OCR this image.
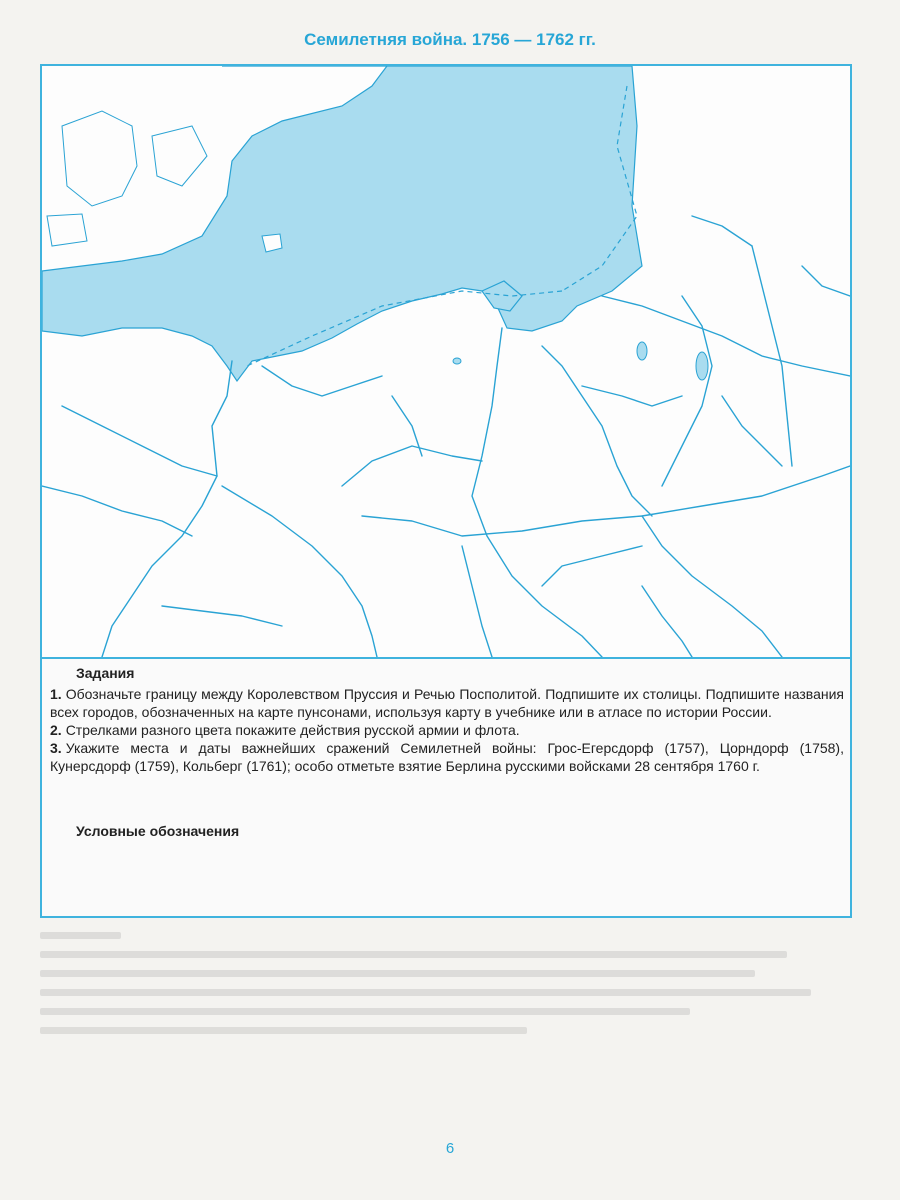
Семилетняя война. 1756 — 1762 гг.
Задания

1. Обозначьте границу между Королевством Пруссия и Речью Посполитой. Подпишите их столицы. Подпишите названия всех городов, обозначенных на карте пунсонами, используя карту в учебнике или в атласе по истории России.

2. Стрелками разного цвета покажите действия русской армии и флота.

3. Укажите места и даты важнейших сражений Семилетней войны: Грос-Егерсдорф (1757), Цорндорф (1758), Кунерсдорф (1759), Кольберг (1761); особо отметьте взятие Берлина русскими войсками 28 сентября 1760 г.

Условные обозначения
6
